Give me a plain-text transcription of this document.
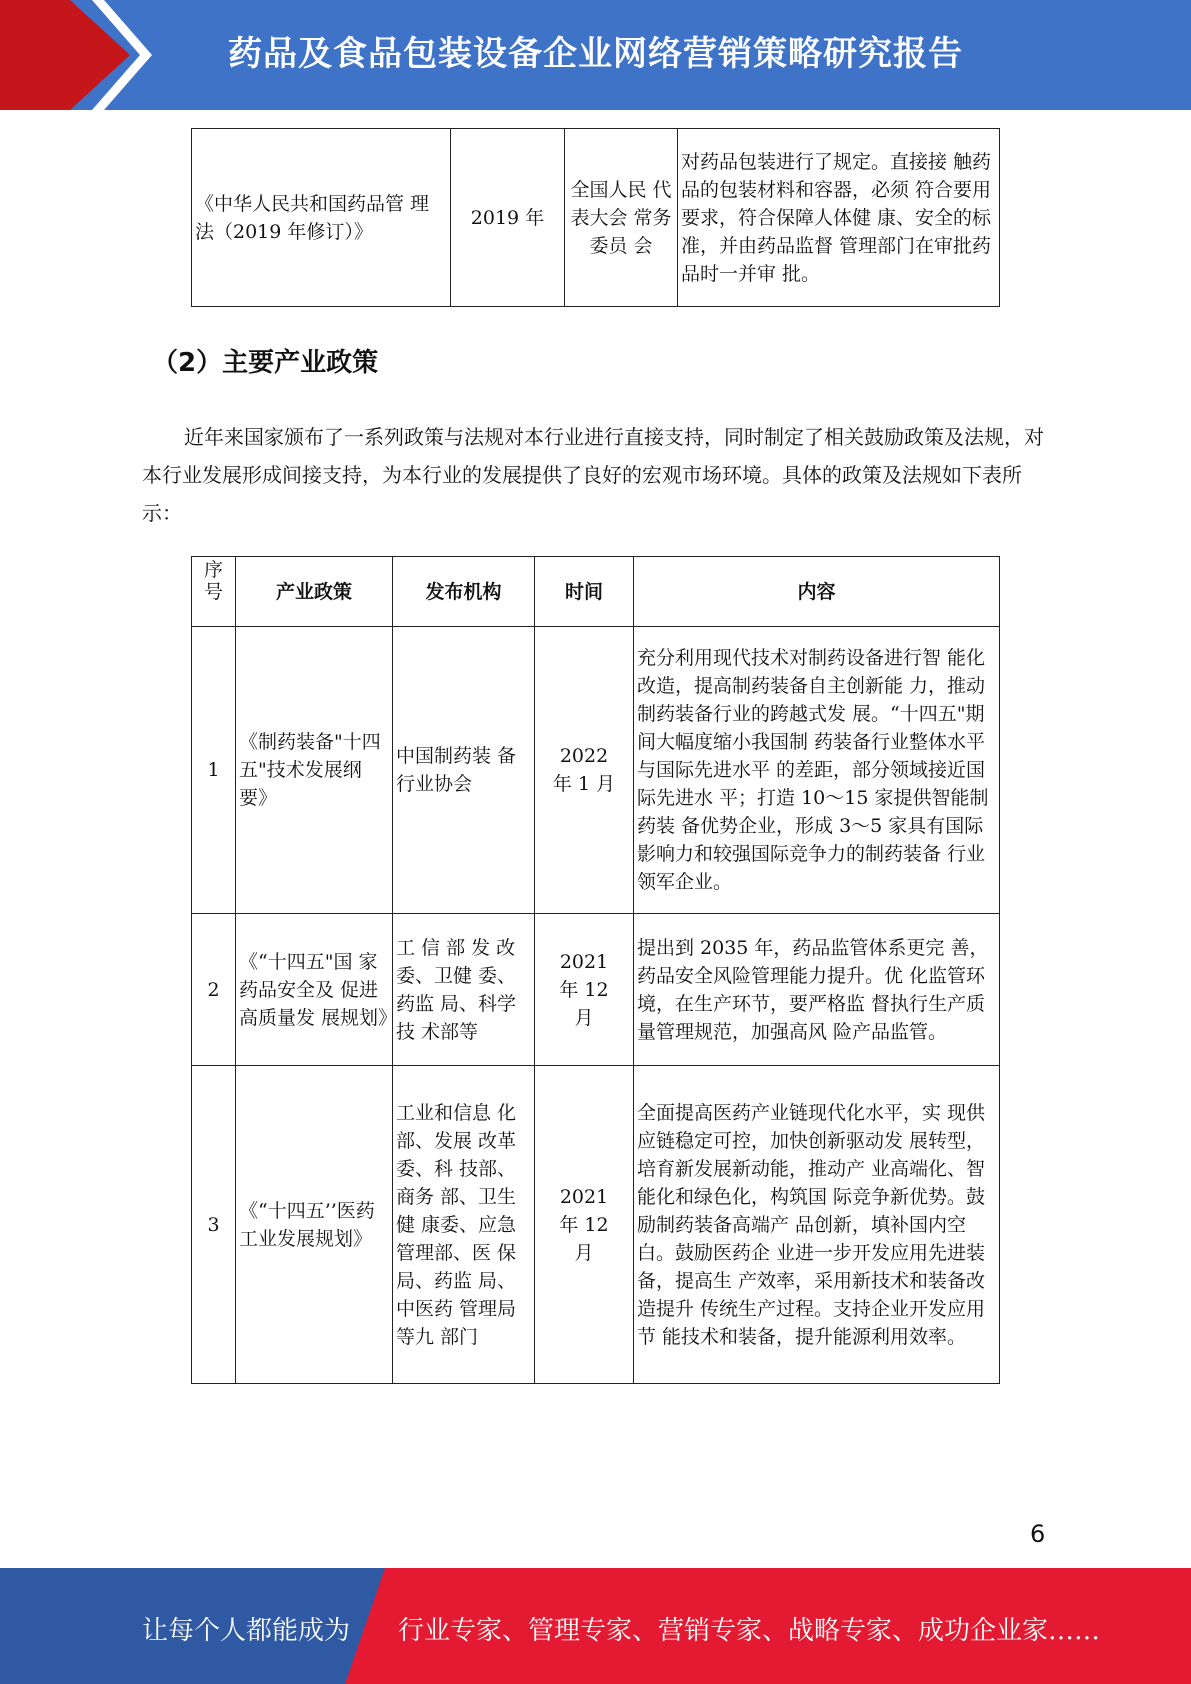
药品及食品包装设备企业网络营销策略研究报告
《中华人民共和国药品管 理法（2019 年修订）》	2019 年	全国人民 代表大会 常务委员 会	对药品包装进行了规定。直接接 触药品的包装材料和容器，必须 符合要用要求，符合保障人体健 康、安全的标准，并由药品监督 管理部门在审批药品时一并审 批。
（2）主要产业政策
近年来国家颁布了一系列政策与法规对本行业进行直接支持，同时制定了相关鼓励政策及法规，对本行业发展形成间接支持，为本行业的发展提供了良好的宏观市场环境。具体的政策及法规如下表所示：
序号	产业政策	发布机构	时间	内容
1	《制药装备"十四五"技术发展纲要》	中国制药装 备行业协会	2022 年 1 月	充分利用现代技术对制药设备进行智 能化改造，提高制药装备自主创新能 力，推动制药装备行业的跨越式发 展。“十四五"期间大幅度缩小我国制 药装备行业整体水平与国际先进水平 的差距，部分领域接近国际先进水 平；打造 10～15 家提供智能制药装 备优势企业，形成 3～5 家具有国际 影响力和较强国际竞争力的制药装备 行业领军企业。
2	《“十四五"国 家药品安全及 促进高质量发 展规划》	工 信 部 发 改委、卫健 委、药监 局、科学技 术部等	2021 年 12 月	提出到 2035 年，药品监管体系更完 善，药品安全风险管理能力提升。优 化监管环境，在生产环节，要严格监 督执行生产质量管理规范，加强高风 险产品监管。
3	《“十四五’’医药工业发展规划》	工业和信息 化部、发展 改革委、科 技部、商务 部、卫生健 康委、应急 管理部、医 保局、药监 局、中医药 管理局等九 部门	2021 年 12 月	全面提高医药产业链现代化水平，实 现供应链稳定可控，加快创新驱动发 展转型，培育新发展新动能，推动产 业高端化、智能化和绿色化，构筑国 际竞争新优势。鼓励制药装备高端产 品创新，填补国内空白。鼓励医药企 业进一步开发应用先进装备，提高生 产效率，采用新技术和装备改造提升 传统生产过程。支持企业开发应用节 能技术和装备，提升能源利用效率。
6
让每个人都能成为 行业专家、管理专家、营销专家、战略专家、成功企业家……
